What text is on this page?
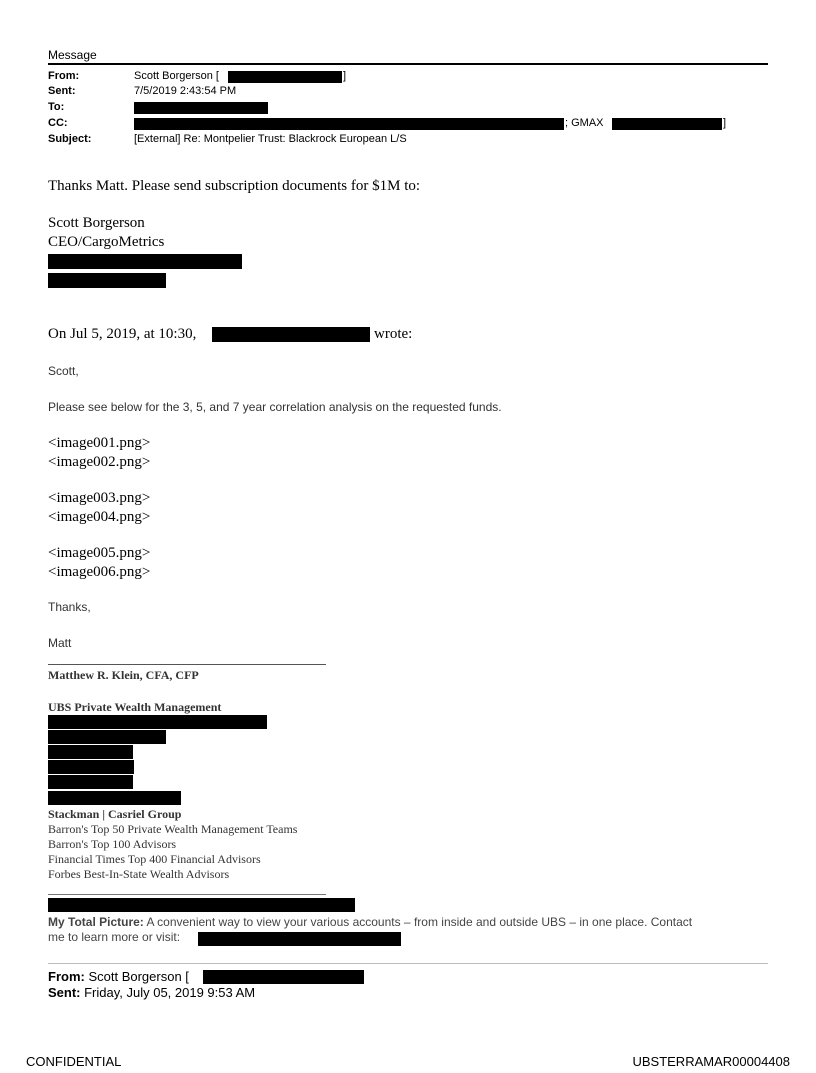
Message
From:	Scott Borgerson [	]
Sent:	7/5/2019 2:43:54 PM
To:
CC:	; GMAX	]
Subject:	[External] Re: Montpelier Trust: Blackrock European L/S
Thanks Matt. Please send subscription documents for $1M to:
Scott Borgerson
CEO/CargoMetrics
On Jul 5, 2019, at 10:30,	wrote:
Scott,
Please see below for the 3, 5, and 7 year correlation analysis on the requested funds.
<image001.png>
<image002.png>
<image003.png>
<image004.png>
<image005.png>
<image006.png>
Thanks,
Matt
Matthew R. Klein, CFA, CFP
UBS Private Wealth Management
Stackman | Casriel Group
Barron's Top 50 Private Wealth Management Teams
Barron's Top 100 Advisors
Financial Times Top 400 Financial Advisors
Forbes Best-In-State Wealth Advisors
My Total Picture: A convenient way to view your various accounts – from inside and outside UBS – in one place. Contact
me to learn more or visit:
From: Scott Borgerson [
Sent: Friday, July 05, 2019 9:53 AM
CONFIDENTIAL	UBSTERRAMAR00004408
